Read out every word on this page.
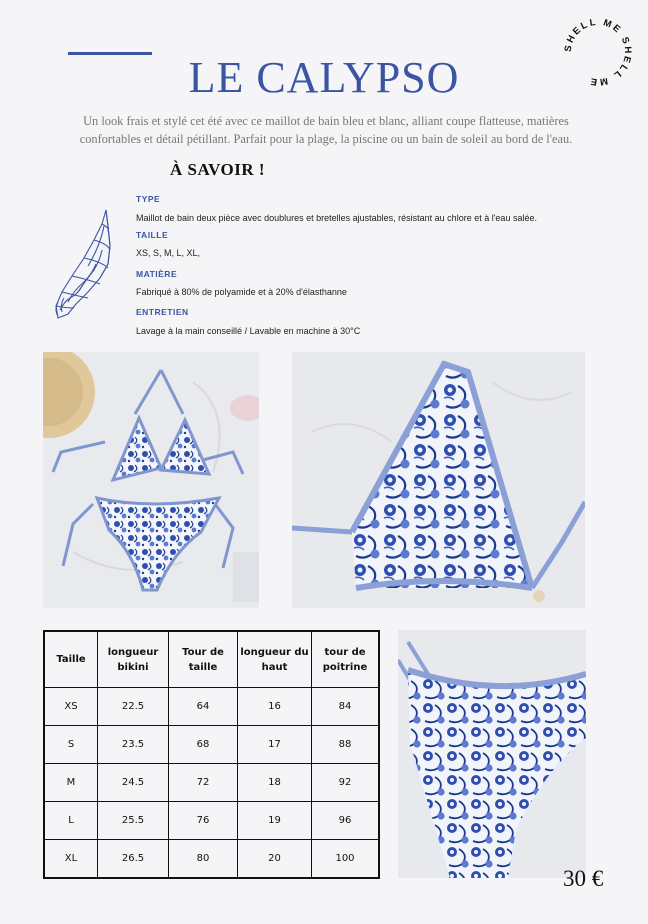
LE CALYPSO
SHELL ME SHELL ME
Un look frais et stylé cet été avec ce maillot de bain bleu et blanc, alliant coupe flatteuse, matières
confortables et détail pétillant. Parfait pour la plage, la piscine ou un bain de soleil au bord de l'eau.
À SAVOIR !
TYPE
Maillot de bain deux pièce avec doublures et bretelles ajustables, résistant au chlore et à l'eau salée.
TAILLE
XS, S, M, L, XL,
MATIÈRE
Fabriqué à 80% de polyamide et à 20% d'élasthanne
ENTRETIEN
Lavage à la main conseillé / Lavable en machine à 30°C
Taille	longueur bikini	Tour de taille	longueur du haut	tour de poitrine
XS	22.5	64	16	84
S	23.5	68	17	88
M	24.5	72	18	92
L	25.5	76	19	96
XL	26.5	80	20	100
30 €
